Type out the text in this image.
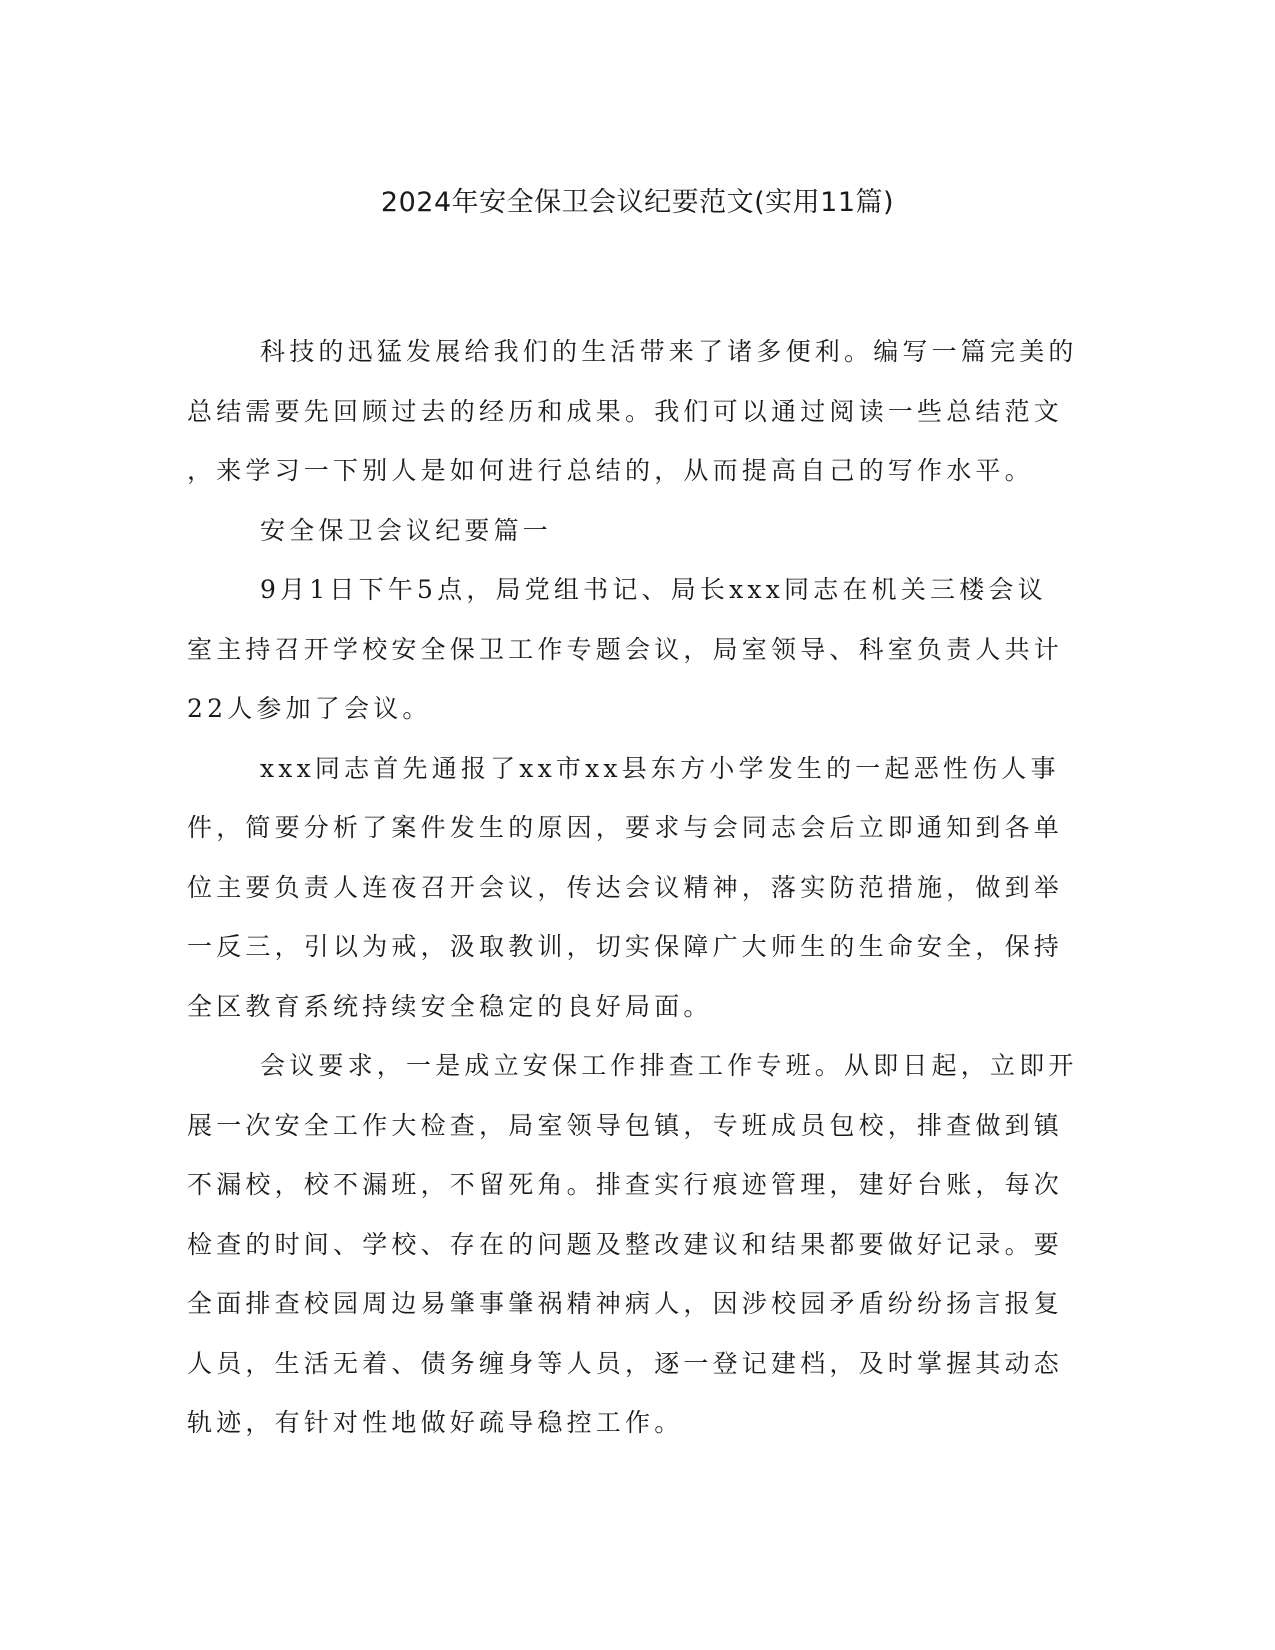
2024年安全保卫会议纪要范文(实用11篇)
科技的迅猛发展给我们的生活带来了诸多便利。编写一篇完美的
总结需要先回顾过去的经历和成果。我们可以通过阅读一些总结范文
，来学习一下别人是如何进行总结的，从而提高自己的写作水平。
安全保卫会议纪要篇一
9月1日下午5点，局党组书记、局长xxx同志在机关三楼会议
室主持召开学校安全保卫工作专题会议，局室领导、科室负责人共计
22人参加了会议。
xxx同志首先通报了xx市xx县东方小学发生的一起恶性伤人事
件，简要分析了案件发生的原因，要求与会同志会后立即通知到各单
位主要负责人连夜召开会议，传达会议精神，落实防范措施，做到举
一反三，引以为戒，汲取教训，切实保障广大师生的生命安全，保持
全区教育系统持续安全稳定的良好局面。
会议要求，一是成立安保工作排查工作专班。从即日起，立即开
展一次安全工作大检查，局室领导包镇，专班成员包校，排查做到镇
不漏校，校不漏班，不留死角。排查实行痕迹管理，建好台账，每次
检查的时间、学校、存在的问题及整改建议和结果都要做好记录。要
全面排查校园周边易肇事肇祸精神病人，因涉校园矛盾纷纷扬言报复
人员，生活无着、债务缠身等人员，逐一登记建档，及时掌握其动态
轨迹，有针对性地做好疏导稳控工作。
